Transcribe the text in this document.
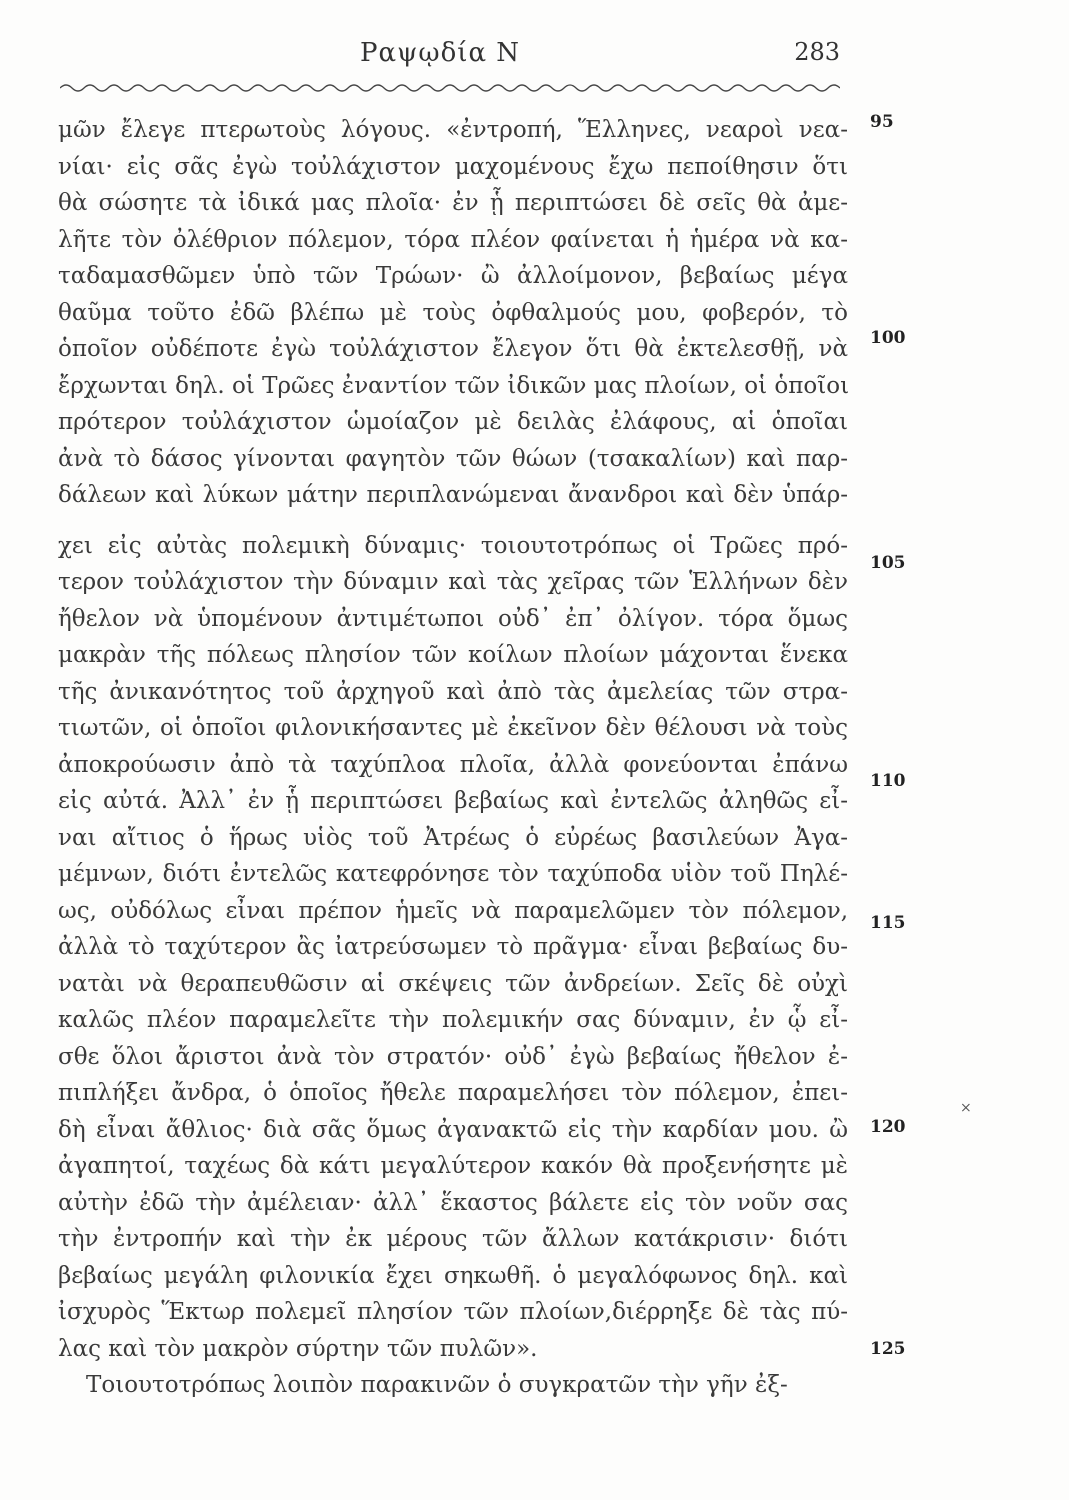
Ραψῳδία Ν	283
μῶν ἔλεγε πτερωτοὺς λόγους. «ἐντροπή, Ἕλληνες, νεαροὶ νεα-
νίαι· εἰς σᾶς ἐγὼ τοὐλάχιστον μαχομένους ἔχω πεποίθησιν ὅτι
θὰ σώσητε τὰ ἰδικά μας πλοῖα· ἐν ᾗ περιπτώσει δὲ σεῖς θὰ ἀμε-
λῆτε τὸν ὀλέθριον πόλεμον, τόρα πλέον φαίνεται ἡ ἡμέρα νὰ κα-
ταδαμασθῶμεν ὑπὸ τῶν Τρώων· ὢ ἀλλοίμονον, βεβαίως μέγα
θαῦμα τοῦτο ἐδῶ βλέπω μὲ τοὺς ὀφθαλμούς μου, φοβερόν, τὸ
ὁποῖον οὐδέποτε ἐγὼ τοὐλάχιστον ἔλεγον ὅτι θὰ ἐκτελεσθῇ, νὰ
ἔρχωνται δηλ. οἱ Τρῶες ἐναντίον τῶν ἰδικῶν μας πλοίων, οἱ ὁποῖοι
πρότερον τοὐλάχιστον ὡμοίαζον μὲ δειλὰς ἐλάφους, αἱ ὁποῖαι
ἀνὰ τὸ δάσος γίνονται φαγητὸν τῶν θώων (τσακαλίων) καὶ παρ-
δάλεων καὶ λύκων μάτην περιπλανώμεναι ἄνανδροι καὶ δὲν ὑπάρ-
χει εἰς αὐτὰς πολεμικὴ δύναμις· τοιουτοτρόπως οἱ Τρῶες πρό-
τερον τοὐλάχιστον τὴν δύναμιν καὶ τὰς χεῖρας τῶν Ἑλλήνων δὲν
ἤθελον νὰ ὑπομένουν ἀντιμέτωποι οὐδ᾽ ἐπ᾽ ὀλίγον. τόρα ὅμως
μακρὰν τῆς πόλεως πλησίον τῶν κοίλων πλοίων μάχονται ἕνεκα
τῆς ἀνικανότητος τοῦ ἀρχηγοῦ καὶ ἀπὸ τὰς ἀμελείας τῶν στρα-
τιωτῶν, οἱ ὁποῖοι φιλονικήσαντες μὲ ἐκεῖνον δὲν θέλουσι νὰ τοὺς
ἀποκρούωσιν ἀπὸ τὰ ταχύπλοα πλοῖα, ἀλλὰ φονεύονται ἐπάνω
εἰς αὐτά. Ἀλλ᾽ ἐν ᾗ περιπτώσει βεβαίως καὶ ἐντελῶς ἀληθῶς εἶ-
ναι αἴτιος ὁ ἥρως υἱὸς τοῦ Ἀτρέως ὁ εὐρέως βασιλεύων Ἀγα-
μέμνων, διότι ἐντελῶς κατεφρόνησε τὸν ταχύποδα υἱὸν τοῦ Πηλέ-
ως, οὐδόλως εἶναι πρέπον ἡμεῖς νὰ παραμελῶμεν τὸν πόλεμον,
ἀλλὰ τὸ ταχύτερον ἂς ἰατρεύσωμεν τὸ πρᾶγμα· εἶναι βεβαίως δυ-
νατὰι νὰ θεραπευθῶσιν αἱ σκέψεις τῶν ἀνδρείων. Σεῖς δὲ οὐχὶ
καλῶς πλέον παραμελεῖτε τὴν πολεμικήν σας δύναμιν, ἐν ᾧ εἶ-
σθε ὅλοι ἄριστοι ἀνὰ τὸν στρατόν· οὐδ᾽ ἐγὼ βεβαίως ἤθελον ἐ-
πιπλήξει ἄνδρα, ὁ ὁποῖος ἤθελε παραμελήσει τὸν πόλεμον, ἐπει-
δὴ εἶναι ἄθλιος· διὰ σᾶς ὅμως ἀγανακτῶ εἰς τὴν καρδίαν μου. ὢ
ἀγαπητοί, ταχέως δὰ κάτι μεγαλύτερον κακόν θὰ προξενήσητε μὲ
αὐτὴν ἐδῶ τὴν ἀμέλειαν· ἀλλ᾽ ἕκαστος βάλετε εἰς τὸν νοῦν σας
τὴν ἐντροπήν καὶ τὴν ἐκ μέρους τῶν ἄλλων κατάκρισιν· διότι
βεβαίως μεγάλη φιλονικία ἔχει σηκωθῆ. ὁ μεγαλόφωνος δηλ. καὶ
ἰσχυρὸς Ἕκτωρ πολεμεῖ πλησίον τῶν πλοίων,διέρρηξε δὲ τὰς πύ-
λας καὶ τὸν μακρὸν σύρτην τῶν πυλῶν».
Τοιουτοτρόπως λοιπὸν παρακινῶν ὁ συγκρατῶν τὴν γῆν ἐξ-
95
100
105
110
115
120
125
×
